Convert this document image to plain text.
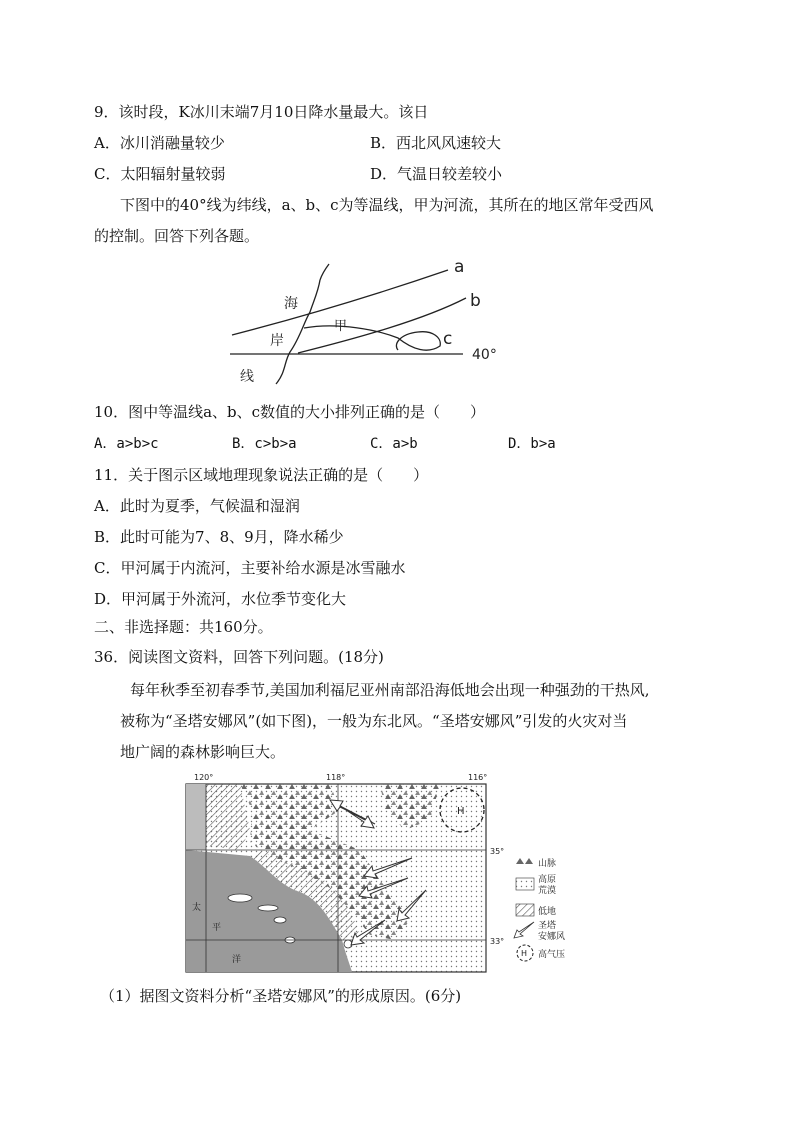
9．该时段，K冰川末端7月10日降水量最大。该日
A．冰川消融量较少	B．西北风风速较大
C．太阳辐射量较弱	D．气温日较差较小
下图中的40°线为纬线，a、b、c为等温线，甲为河流，其所在的地区常年受西风
的控制。回答下列各题。
40°
a
b
c
甲
海
岸
线
10．图中等温线a、b、c数值的大小排列正确的是（　　）
A．a>b>c	B．c>b>a	C．a>b	D．b>a
11．关于图示区域地理现象说法正确的是（　　）
A．此时为夏季，气候温和湿润
B．此时可能为7、8、9月，降水稀少
C．甲河属于内流河，主要补给水源是冰雪融水
D．甲河属于外流河，水位季节变化大
二、非选择题：共160分。
36．阅读图文资料，回答下列问题。(18分)
每年秋季至初春季节,美国加利福尼亚州南部沿海低地会出现一种强劲的干热风,
被称为“圣塔安娜风”(如下图)，一般为东北风。“圣塔安娜风”引发的火灾对当
地广阔的森林影响巨大。
120°	118°	116°
35°
33°
太
平
洋
H
山脉
高原
荒漠
低地
圣塔
安娜风
H 高气压
（1）据图文资料分析“圣塔安娜风”的形成原因。(6分)
